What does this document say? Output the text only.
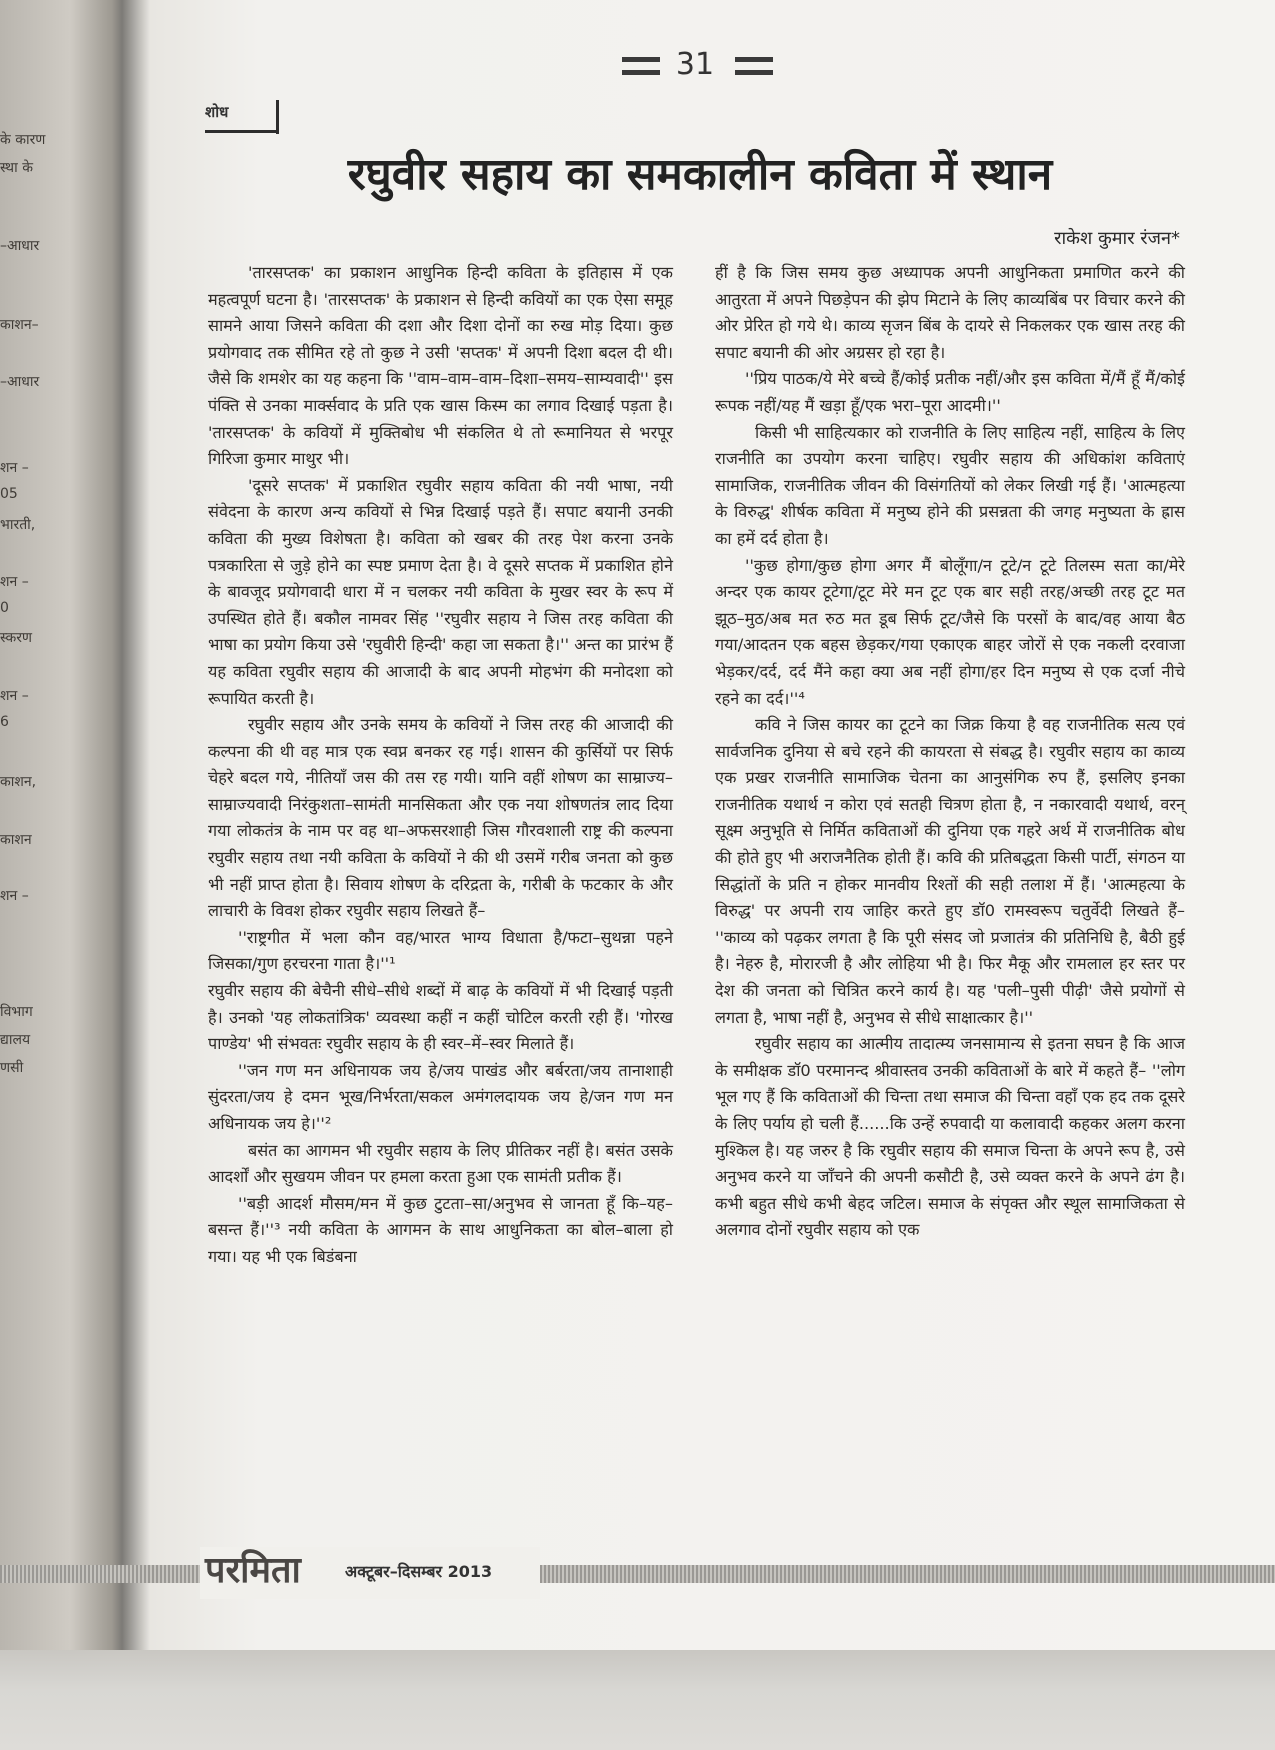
के कारण
स्था के
–आधार
काशन–
–आधार
शन –
05
भारती,
शन –
0
स्करण
शन –
6
काशन,
काशन
शन –
विभाग
द्यालय
णसी
31
शोध
रघुवीर सहाय का समकालीन कविता में स्थान
राकेश कुमार रंजन*

'तारसप्तक' का प्रकाशन आधुनिक हिन्दी कविता के इतिहास में एक महत्वपूर्ण घटना है। 'तारसप्तक' के प्रकाशन से हिन्दी कवियों का एक ऐसा समूह सामने आया जिसने कविता की दशा और दिशा दोनों का रुख मोड़ दिया। कुछ प्रयोगवाद तक सीमित रहे तो कुछ ने उसी 'सप्तक' में अपनी दिशा बदल दी थी। जैसे कि शमशेर का यह कहना कि ''वाम–वाम–वाम–दिशा–समय–साम्यवादी'' इस पंक्ति से उनका मार्क्सवाद के प्रति एक खास किस्म का लगाव दिखाई पड़ता है। 'तारसप्तक' के कवियों में मुक्तिबोध भी संकलित थे तो रूमानियत से भरपूर गिरिजा कुमार माथुर भी।

'दूसरे सप्तक' में प्रकाशित रघुवीर सहाय कविता की नयी भाषा, नयी संवेदना के कारण अन्य कवियों से भिन्न दिखाई पड़ते हैं। सपाट बयानी उनकी कविता की मुख्य विशेषता है। कविता को खबर की तरह पेश करना उनके पत्रकारिता से जुड़े होने का स्पष्ट प्रमाण देता है। वे दूसरे सप्तक में प्रकाशित होने के बावजूद प्रयोगवादी धारा में न चलकर नयी कविता के मुखर स्वर के रूप में उपस्थित होते हैं। बकौल नामवर सिंह ''रघुवीर सहाय ने जिस तरह कविता की भाषा का प्रयोग किया उसे 'रघुवीरी हिन्दी' कहा जा सकता है।'' अन्त का प्रारंभ हैं यह कविता रघुवीर सहाय की आजादी के बाद अपनी मोहभंग की मनोदशा को रूपायित करती है।

रघुवीर सहाय और उनके समय के कवियों ने जिस तरह की आजादी की कल्पना की थी वह मात्र एक स्वप्न बनकर रह गई। शासन की कुर्सियों पर सिर्फ चेहरे बदल गये, नीतियाँ जस की तस रह गयी। यानि वहीं शोषण का साम्राज्य–साम्राज्यवादी निरंकुशता–सामंती मानसिकता और एक नया शोषणतंत्र लाद दिया गया लोकतंत्र के नाम पर वह था–अफसरशाही जिस गौरवशाली राष्ट्र की कल्पना रघुवीर सहाय तथा नयी कविता के कवियों ने की थी उसमें गरीब जनता को कुछ भी नहीं प्राप्त होता है। सिवाय शोषण के दरिद्रता के, गरीबी के फटकार के और लाचारी के विवश होकर रघुवीर सहाय लिखते हैं–

''राष्ट्रगीत में भला कौन वह/भारत भाग्य विधाता है/फटा–सुथन्ना पहने जिसका/गुण हरचरना गाता है।''¹

रघुवीर सहाय की बेचैनी सीधे–सीधे शब्दों में बाढ़ के कवियों में भी दिखाई पड़ती है। उनको 'यह लोकतांत्रिक' व्यवस्था कहीं न कहीं चोटिल करती रही हैं। 'गोरख पाण्डेय' भी संभवतः रघुवीर सहाय के ही स्वर–में–स्वर मिलाते हैं।

''जन गण मन अधिनायक जय हे/जय पाखंड और बर्बरता/जय तानाशाही सुंदरता/जय हे दमन भूख/निर्भरता/सकल अमंगलदायक जय हे/जन गण मन अधिनायक जय हे।''²

बसंत का आगमन भी रघुवीर सहाय के लिए प्रीतिकर नहीं है। बसंत उसके आदर्शों और सुखयम जीवन पर हमला करता हुआ एक सामंती प्रतीक हैं।

''बड़ी आदर्श मौसम/मन में कुछ टुटता–सा/अनुभव से जानता हूँ कि–यह– बसन्त हैं।''³ नयी कविता के आगमन के साथ आधुनिकता का बोल–बाला हो गया। यह भी एक बिडंबना

हीं है कि जिस समय कुछ अध्यापक अपनी आधुनिकता प्रमाणित करने की आतुरता में अपने पिछड़ेपन की झेप मिटाने के लिए काव्यबिंब पर विचार करने की ओर प्रेरित हो गये थे। काव्य सृजन बिंब के दायरे से निकलकर एक खास तरह की सपाट बयानी की ओर अग्रसर हो रहा है।

''प्रिय पाठक/ये मेरे बच्चे हैं/कोई प्रतीक नहीं/और इस कविता में/मैं हूँ मैं/कोई रूपक नहीं/यह मैं खड़ा हूँ/एक भरा–पूरा आदमी।''

किसी भी साहित्यकार को राजनीति के लिए साहित्य नहीं, साहित्य के लिए राजनीति का उपयोग करना चाहिए। रघुवीर सहाय की अधिकांश कविताएं सामाजिक, राजनीतिक जीवन की विसंगतियों को लेकर लिखी गई हैं। 'आत्महत्या के विरुद्ध' शीर्षक कविता में मनुष्य होने की प्रसन्नता की जगह मनुष्यता के ह्रास का हमें दर्द होता है।

''कुछ होगा/कुछ होगा अगर मैं बोलूँगा/न टूटे/न टूटे तिलस्म सता का/मेरे अन्दर एक कायर टूटेगा/टूट मेरे मन टूट एक बार सही तरह/अच्छी तरह टूट मत झूठ–मुठ/अब मत रुठ मत डूब सिर्फ टूट/जैसे कि परसों के बाद/वह आया बैठ गया/आदतन एक बहस छेड़कर/गया एकाएक बाहर जोरों से एक नकली दरवाजा भेड़कर/दर्द, दर्द मैंने कहा क्या अब नहीं होगा/हर दिन मनुष्य से एक दर्जा नीचे रहने का दर्द।''⁴

कवि ने जिस कायर का टूटने का जिक्र किया है वह राजनीतिक सत्य एवं सार्वजनिक दुनिया से बचे रहने की कायरता से संबद्ध है। रघुवीर सहाय का काव्य एक प्रखर राजनीति सामाजिक चेतना का आनुसंगिक रुप हैं, इसलिए इनका राजनीतिक यथार्थ न कोरा एवं सतही चित्रण होता है, न नकारवादी यथार्थ, वरन् सूक्ष्म अनुभूति से निर्मित कविताओं की दुनिया एक गहरे अर्थ में राजनीतिक बोध की होते हुए भी अराजनैतिक होती हैं। कवि की प्रतिबद्धता किसी पार्टी, संगठन या सिद्धांतों के प्रति न होकर मानवीय रिश्तों की सही तलाश में हैं। 'आत्महत्या के विरुद्ध' पर अपनी राय जाहिर करते हुए डॉ0 रामस्वरूप चतुर्वेदी लिखते हैं– ''काव्य को पढ़कर लगता है कि पूरी संसद जो प्रजातंत्र की प्रतिनिधि है, बैठी हुई है। नेहरु है, मोरारजी है और लोहिया भी है। फिर मैकू और रामलाल हर स्तर पर देश की जनता को चित्रित करने कार्य है। यह 'पली–पुसी पीढ़ी' जैसे प्रयोगों से लगता है, भाषा नहीं है, अनुभव से सीधे साक्षात्कार है।''

रघुवीर सहाय का आत्मीय तादात्म्य जनसामान्य से इतना सघन है कि आज के समीक्षक डॉ0 परमानन्द श्रीवास्तव उनकी कविताओं के बारे में कहते हैं– ''लोग भूल गए हैं कि कविताओं की चिन्ता तथा समाज की चिन्ता वहाँ एक हद तक दूसरे के लिए पर्याय हो चली हैं......कि उन्हें रुपवादी या कलावादी कहकर अलग करना मुश्किल है। यह जरुर है कि रघुवीर सहाय की समाज चिन्ता के अपने रूप है, उसे अनुभव करने या जाँचने की अपनी कसौटी है, उसे व्यक्त करने के अपने ढंग है। कभी बहुत सीधे कभी बेहद जटिल। समाज के संपृक्त और स्थूल सामाजिकता से अलगाव दोनों रघुवीर सहाय को एक

परमिता	अक्टूबर–दिसम्बर 2013
